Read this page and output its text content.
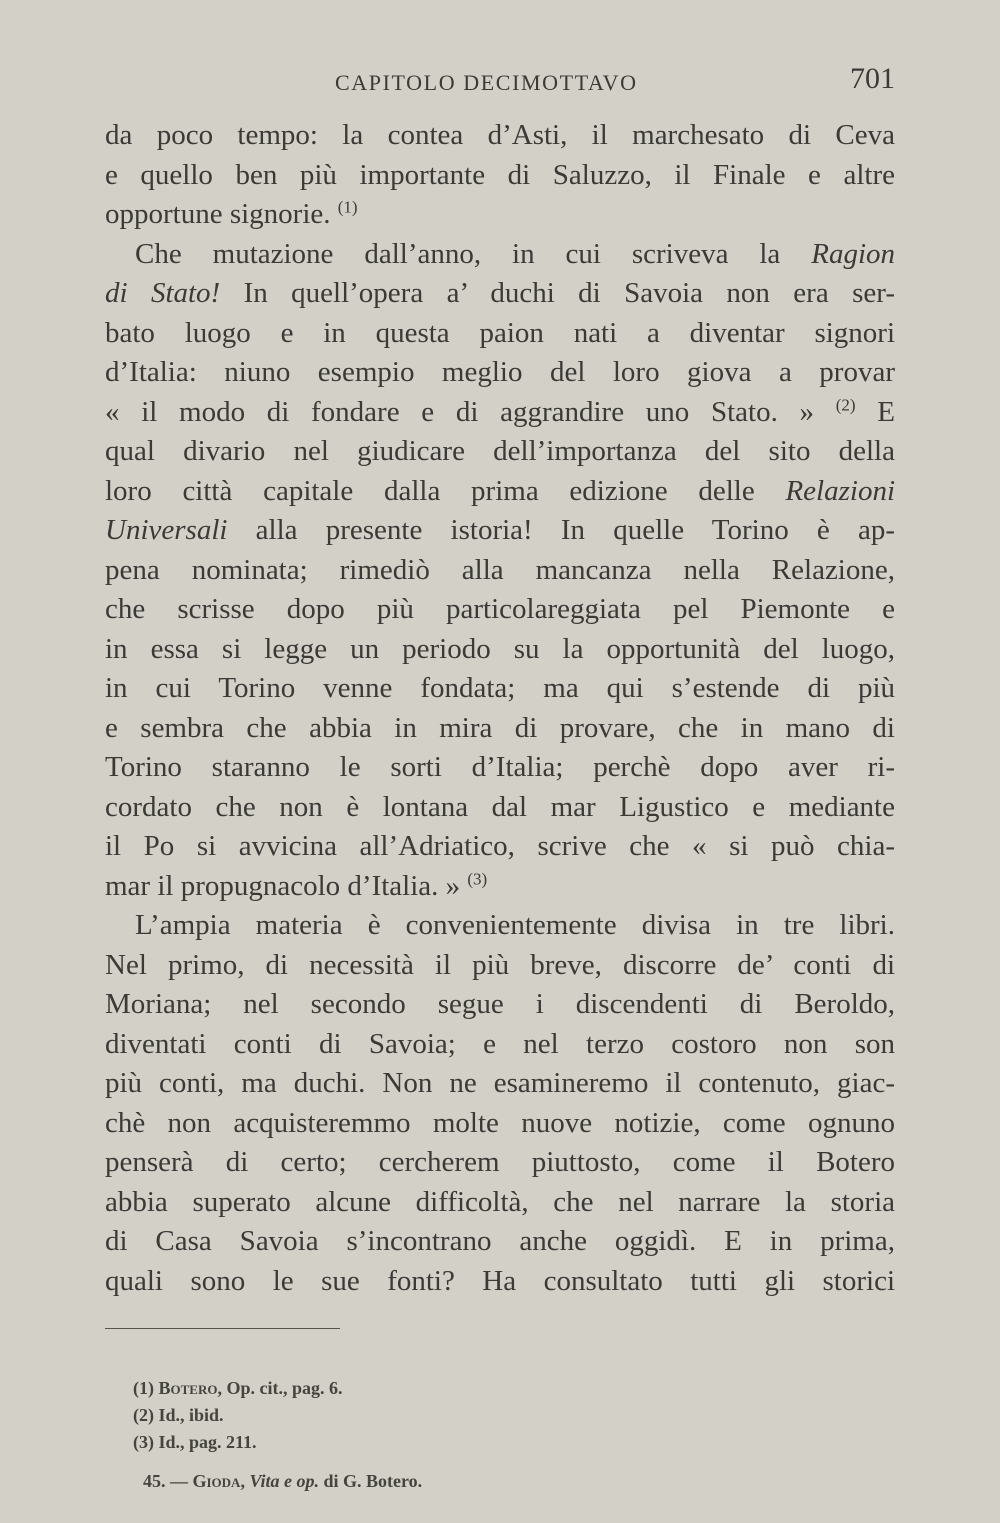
CAPITOLO DECIMOTTAVO	701
da poco tempo: la contea d’Asti, il marchesato di Ceva
e quello ben più importante di Saluzzo, il Finale e altre
opportune signorie. $^{(1)}$
Che mutazione dall’anno, in cui scriveva la Ragion
di Stato! In quell’opera a’ duchi di Savoia non era ser-
bato luogo e in questa paion nati a diventar signori
d’Italia: niuno esempio meglio del loro giova a provar
« il modo di fondare e di aggrandire uno Stato. » $^{(2)}$ E
qual divario nel giudicare dell’importanza del sito della
loro città capitale dalla prima edizione delle Relazioni
Universali alla presente istoria! In quelle Torino è ap-
pena nominata; rimediò alla mancanza nella Relazione,
che scrisse dopo più particolareggiata pel Piemonte e
in essa si legge un periodo su la opportunità del luogo,
in cui Torino venne fondata; ma qui s’estende di più
e sembra che abbia in mira di provare, che in mano di
Torino staranno le sorti d’Italia; perchè dopo aver ri-
cordato che non è lontana dal mar Ligustico e mediante
il Po si avvicina all’Adriatico, scrive che « si può chia-
mar il propugnacolo d’Italia. » $^{(3)}$
L’ampia materia è convenientemente divisa in tre libri.
Nel primo, di necessità il più breve, discorre de’ conti di
Moriana; nel secondo segue i discendenti di Beroldo,
diventati conti di Savoia; e nel terzo costoro non son
più conti, ma duchi. Non ne esamineremo il contenuto, giac-
chè non acquisteremmo molte nuove notizie, come ognuno
penserà di certo; cercherem piuttosto, come il Botero
abbia superato alcune difficoltà, che nel narrare la storia
di Casa Savoia s’incontrano anche oggidì. E in prima,
quali sono le sue fonti? Ha consultato tutti gli storici
(1) Botero, Op. cit., pag. 6.
(2) Id., ibid.
(3) Id., pag. 211.
45. — Gioda, Vita e op. di G. Botero.
